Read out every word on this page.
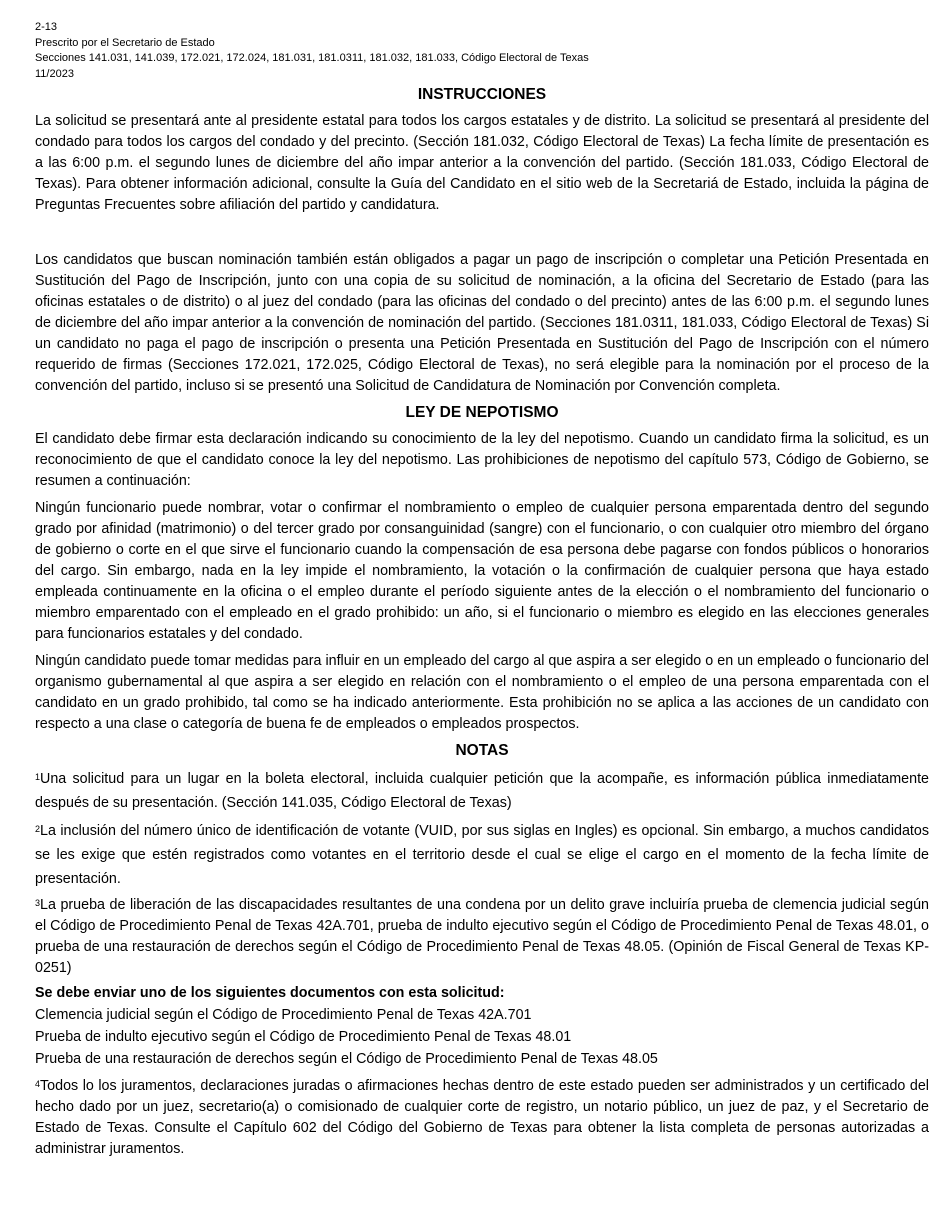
2-13
Prescrito por el Secretario de Estado
Secciones 141.031, 141.039, 172.021, 172.024, 181.031, 181.0311, 181.032, 181.033, Código Electoral de Texas
11/2023
INSTRUCCIONES

La solicitud se presentará ante al presidente estatal para todos los cargos estatales y de distrito. La solicitud se presentará al presidente del condado para todos los cargos del condado y del precinto. (Sección 181.032, Código Electoral de Texas) La fecha límite de presentación es a las 6:00 p.m. el segundo lunes de diciembre del año impar anterior a la convención del partido. (Sección 181.033, Código Electoral de Texas). Para obtener información adicional, consulte la Guía del Candidato en el sitio web de la Secretariá de Estado, incluida la página de Preguntas Frecuentes sobre afiliación del partido y candidatura.

Los candidatos que buscan nominación también están obligados a pagar un pago de inscripción o completar una Petición Presentada en Sustitución del Pago de Inscripción, junto con una copia de su solicitud de nominación, a la oficina del Secretario de Estado (para las oficinas estatales o de distrito) o al juez del condado (para las oficinas del condado o del precinto) antes de las 6:00 p.m. el segundo lunes de diciembre del año impar anterior a la convención de nominación del partido. (Secciones 181.0311, 181.033, Código Electoral de Texas) Si un candidato no paga el pago de inscripción o presenta una Petición Presentada en Sustitución del Pago de Inscripción con el número requerido de firmas (Secciones 172.021, 172.025, Código Electoral de Texas), no será elegible para la nominación por el proceso de la convención del partido, incluso si se presentó una Solicitud de Candidatura de Nominación por Convención completa.

LEY DE NEPOTISMO

El candidato debe firmar esta declaración indicando su conocimiento de la ley del nepotismo. Cuando un candidato firma la solicitud, es un reconocimiento de que el candidato conoce la ley del nepotismo. Las prohibiciones de nepotismo del capítulo 573, Código de Gobierno, se resumen a continuación:

Ningún funcionario puede nombrar, votar o confirmar el nombramiento o empleo de cualquier persona emparentada dentro del segundo grado por afinidad (matrimonio) o del tercer grado por consanguinidad (sangre) con el funcionario, o con cualquier otro miembro del órgano de gobierno o corte en el que sirve el funcionario cuando la compensación de esa persona debe pagarse con fondos públicos o honorarios del cargo. Sin embargo, nada en la ley impide el nombramiento, la votación o la confirmación de cualquier persona que haya estado empleada continuamente en la oficina o el empleo durante el período siguiente antes de la elección o el nombramiento del funcionario o miembro emparentado con el empleado en el grado prohibido: un año, si el funcionario o miembro es elegido en las elecciones generales para funcionarios estatales y del condado.

Ningún candidato puede tomar medidas para influir en un empleado del cargo al que aspira a ser elegido o en un empleado o funcionario del organismo gubernamental al que aspira a ser elegido en relación con el nombramiento o el empleo de una persona emparentada con el candidato en un grado prohibido, tal como se ha indicado anteriormente. Esta prohibición no se aplica a las acciones de un candidato con respecto a una clase o categoría de buena fe de empleados o empleados prospectos.

NOTAS

$^1$Una solicitud para un lugar en la boleta electoral, incluida cualquier petición que la acompañe, es información pública inmediatamente después de su presentación. (Sección 141.035, Código Electoral de Texas)

$^2$La inclusión del número único de identificación de votante (VUID, por sus siglas en Ingles) es opcional. Sin embargo, a muchos candidatos se les exige que estén registrados como votantes en el territorio desde el cual se elige el cargo en el momento de la fecha límite de presentación.

$^3$La prueba de liberación de las discapacidades resultantes de una condena por un delito grave incluiría prueba de clemencia judicial según el Código de Procedimiento Penal de Texas 42A.701, prueba de indulto ejecutivo según el Código de Procedimiento Penal de Texas 48.01, o prueba de una restauración de derechos según el Código de Procedimiento Penal de Texas 48.05. (Opinión de Fiscal General de Texas KP-0251)

Se debe enviar uno de los siguientes documentos con esta solicitud:
Clemencia judicial según el Código de Procedimiento Penal de Texas 42A.701
Prueba de indulto ejecutivo según el Código de Procedimiento Penal de Texas 48.01
Prueba de una restauración de derechos según el Código de Procedimiento Penal de Texas 48.05

$^4$Todos lo los juramentos, declaraciones juradas o afirmaciones hechas dentro de este estado pueden ser administrados y un certificado del hecho dado por un juez, secretario(a) o comisionado de cualquier corte de registro, un notario público, un juez de paz, y el Secretario de Estado de Texas. Consulte el Capítulo 602 del Código del Gobierno de Texas para obtener la lista completa de personas autorizadas a administrar juramentos.
